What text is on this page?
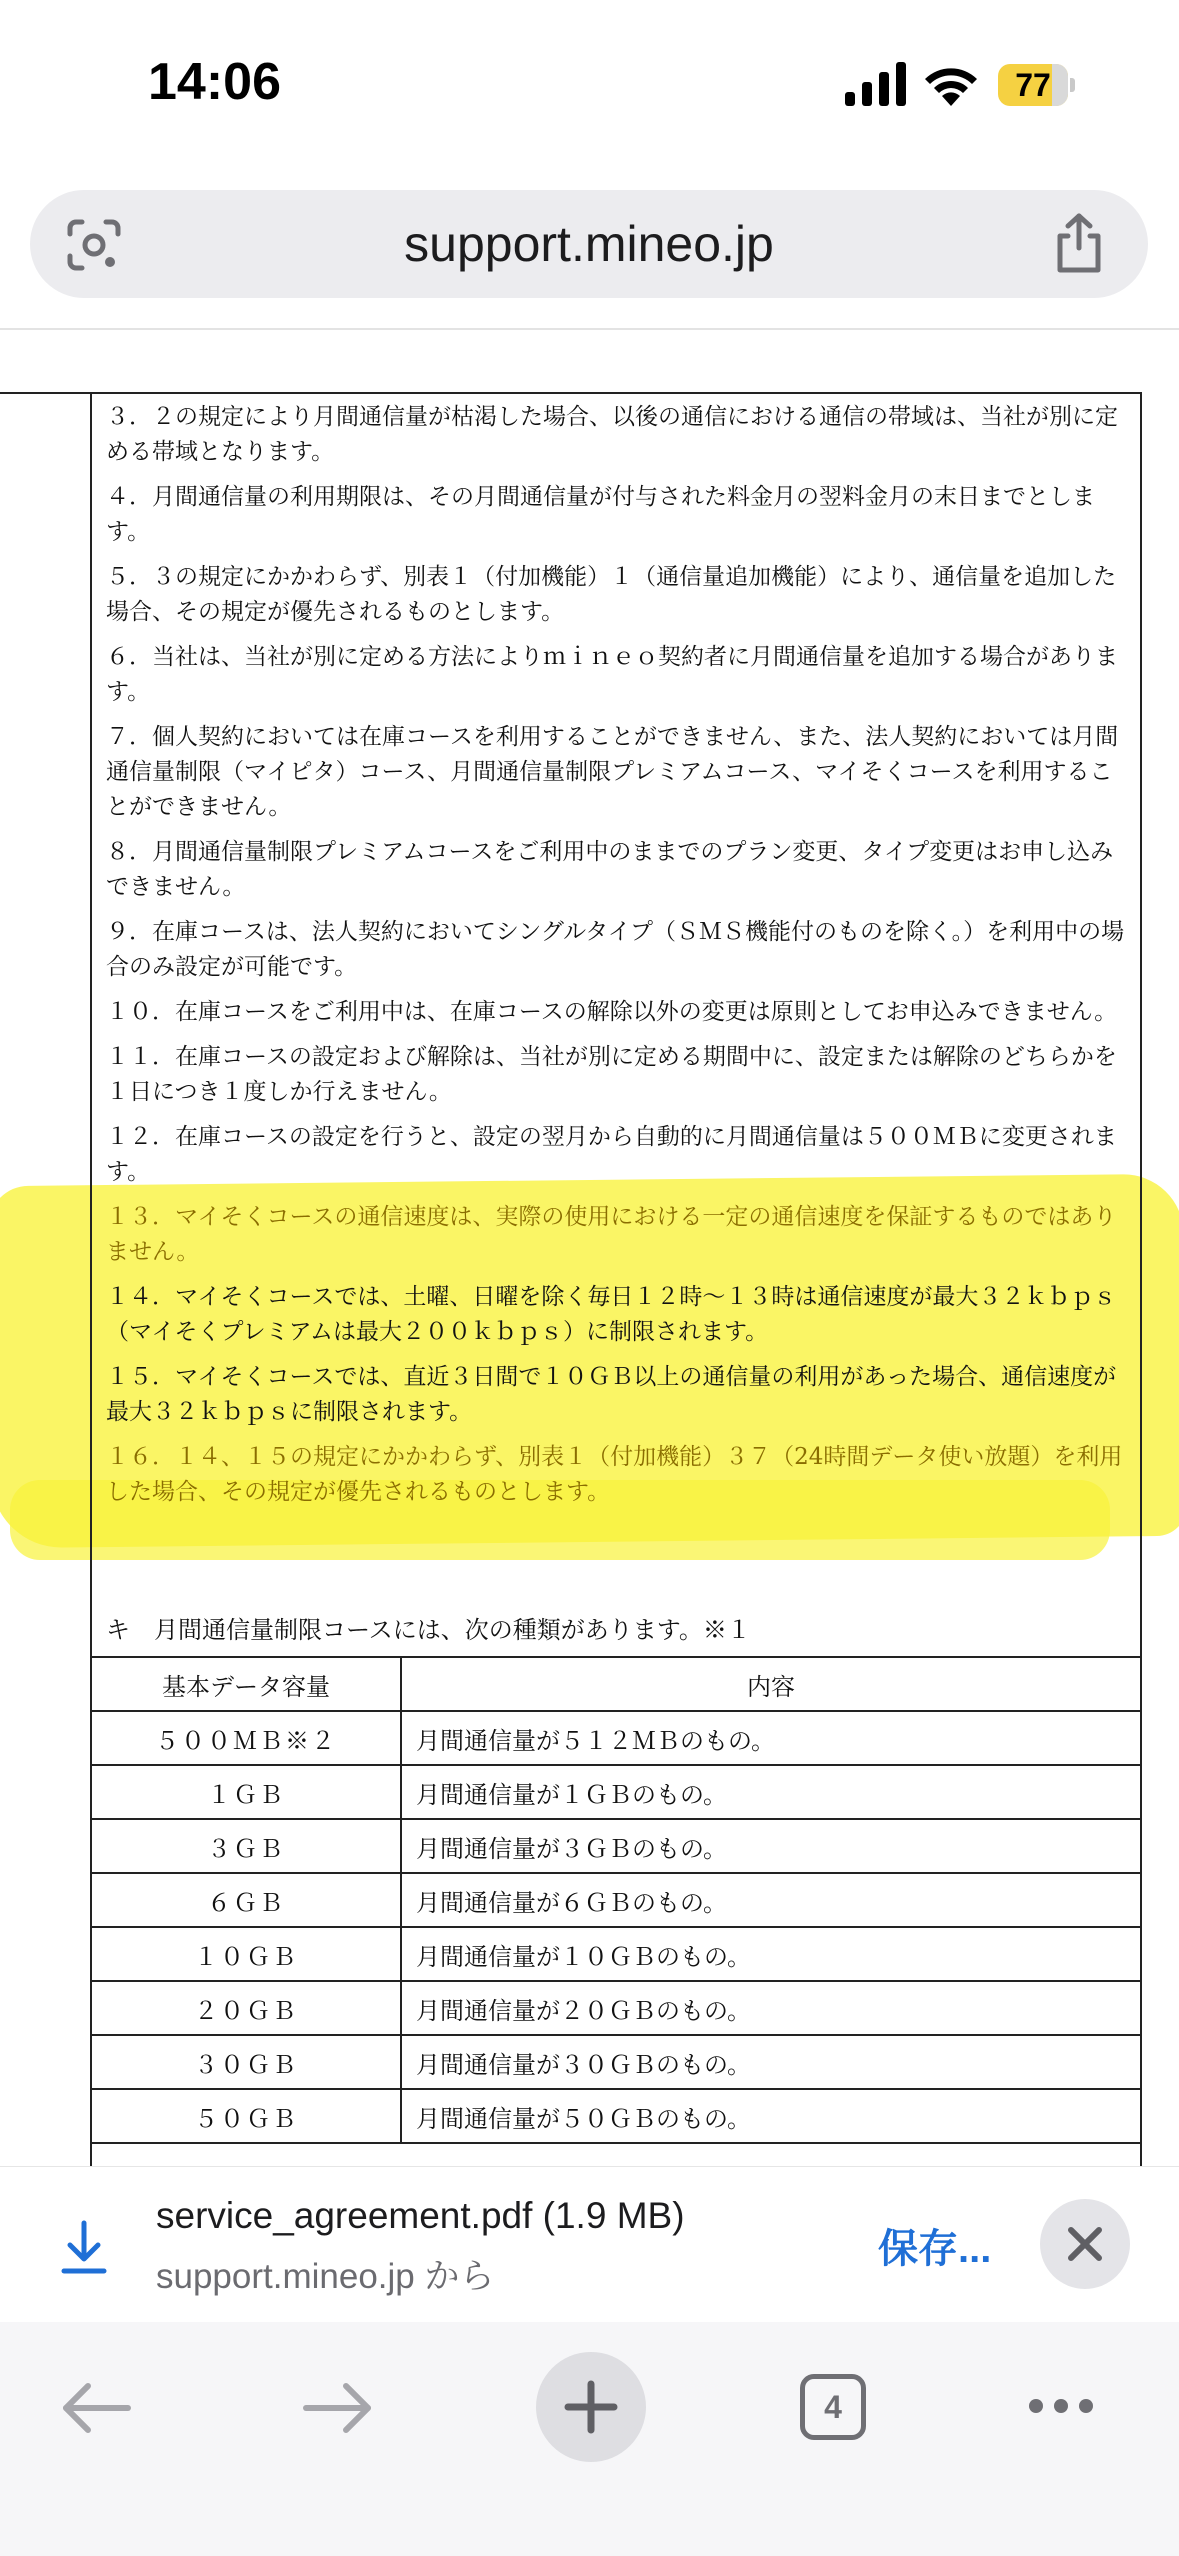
14:06	77
support.mineo.jp

３．２の規定により月間通信量が枯渇した場合、以後の通信における通信の帯域は、当社が別に定める帯域となります。

４．月間通信量の利用期限は、その月間通信量が付与された料金月の翌料金月の末日までとします。

５．３の規定にかかわらず、別表１（付加機能）１（通信量追加機能）により、通信量を追加した場合、その規定が優先されるものとします。

６．当社は、当社が別に定める方法によりｍｉｎｅｏ契約者に月間通信量を追加する場合があります。

７．個人契約においては在庫コースを利用することができません、また、法人契約においては月間通信量制限（マイピタ）コース、月間通信量制限プレミアムコース、マイそくコースを利用することができません。

８．月間通信量制限プレミアムコースをご利用中のままでのプラン変更、タイプ変更はお申し込みできません。

９．在庫コースは、法人契約においてシングルタイプ（ＳＭＳ機能付のものを除く。）を利用中の場合のみ設定が可能です。

１０．在庫コースをご利用中は、在庫コースの解除以外の変更は原則としてお申込みできません。

１１．在庫コースの設定および解除は、当社が別に定める期間中に、設定または解除のどちらかを１日につき１度しか行えません。

１２．在庫コースの設定を行うと、設定の翌月から自動的に月間通信量は５００ＭＢに変更されます。

１３．マイそくコースの通信速度は、実際の使用における一定の通信速度を保証するものではありません。

１４．マイそくコースでは、土曜、日曜を除く毎日１２時～１３時は通信速度が最大３２ｋｂｐｓ（マイそくプレミアムは最大２００ｋｂｐｓ）に制限されます。

１５．マイそくコースでは、直近３日間で１０ＧＢ以上の通信量の利用があった場合、通信速度が最大３２ｋｂｐｓに制限されます。

１６．１４、１５の規定にかかわらず、別表１（付加機能）３７（24時間データ使い放題）を利用した場合、その規定が優先されるものとします。

キ　月間通信量制限コースには、次の種類があります。※１
基本データ容量	内容
５００ＭＢ※２	月間通信量が５１２ＭＢのもの。
１ＧＢ	月間通信量が１ＧＢのもの。
３ＧＢ	月間通信量が３ＧＢのもの。
６ＧＢ	月間通信量が６ＧＢのもの。
１０ＧＢ	月間通信量が１０ＧＢのもの。
２０ＧＢ	月間通信量が２０ＧＢのもの。
３０ＧＢ	月間通信量が３０ＧＢのもの。
５０ＧＢ	月間通信量が５０ＧＢのもの。
service_agreement.pdf (1.9 MB)
support.mineo.jp から
保存...
4
